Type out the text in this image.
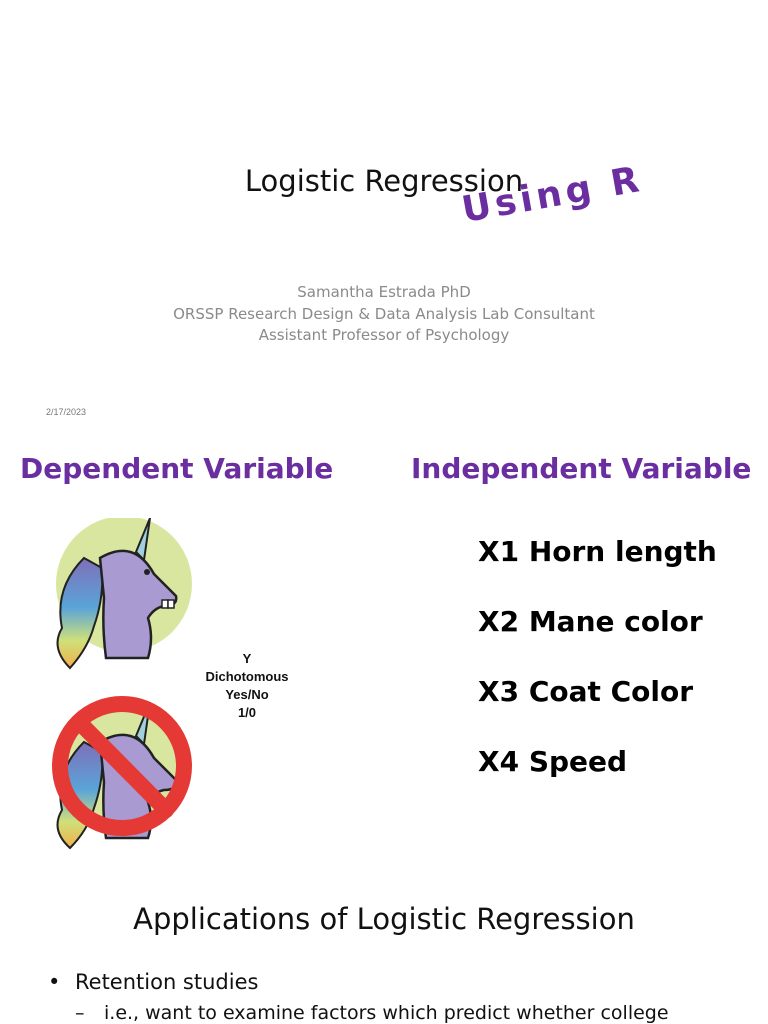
Logistic Regression
Using R
Samantha Estrada PhD
ORSSP Research Design & Data Analysis Lab Consultant
Assistant Professor of Psychology
2/17/2023
Dependent Variable	Independent Variable
Y
Dichotomous
Yes/No
1/0
X1 Horn length
X2 Mane color
X3 Coat Color
X4 Speed
Applications of Logistic Regression
• Retention studies
– i.e., want to examine factors which predict whether college
